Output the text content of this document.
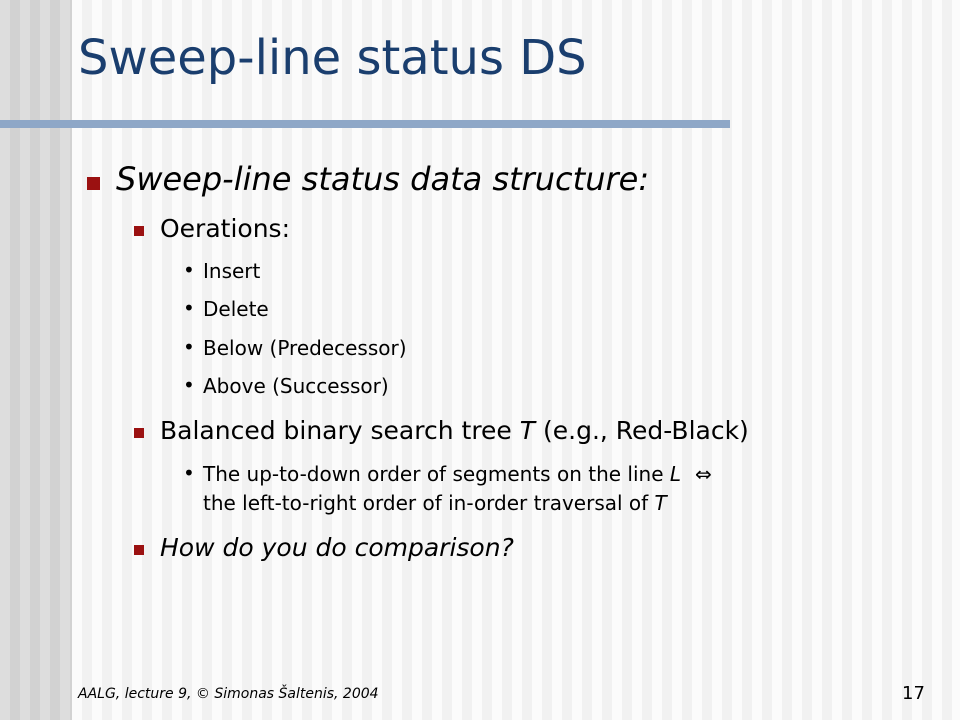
Sweep-line status DS
Sweep-line status data structure:
Oerations:
• Insert
• Delete
• Below (Predecessor)
• Above (Successor)
Balanced binary search tree T (e.g., Red-Black)
• The up-to-down order of segments on the line L ⇔
the left-to-right order of in-order traversal of T
How do you do comparison?
AALG, lecture 9, © Simonas Šaltenis, 2004	17
